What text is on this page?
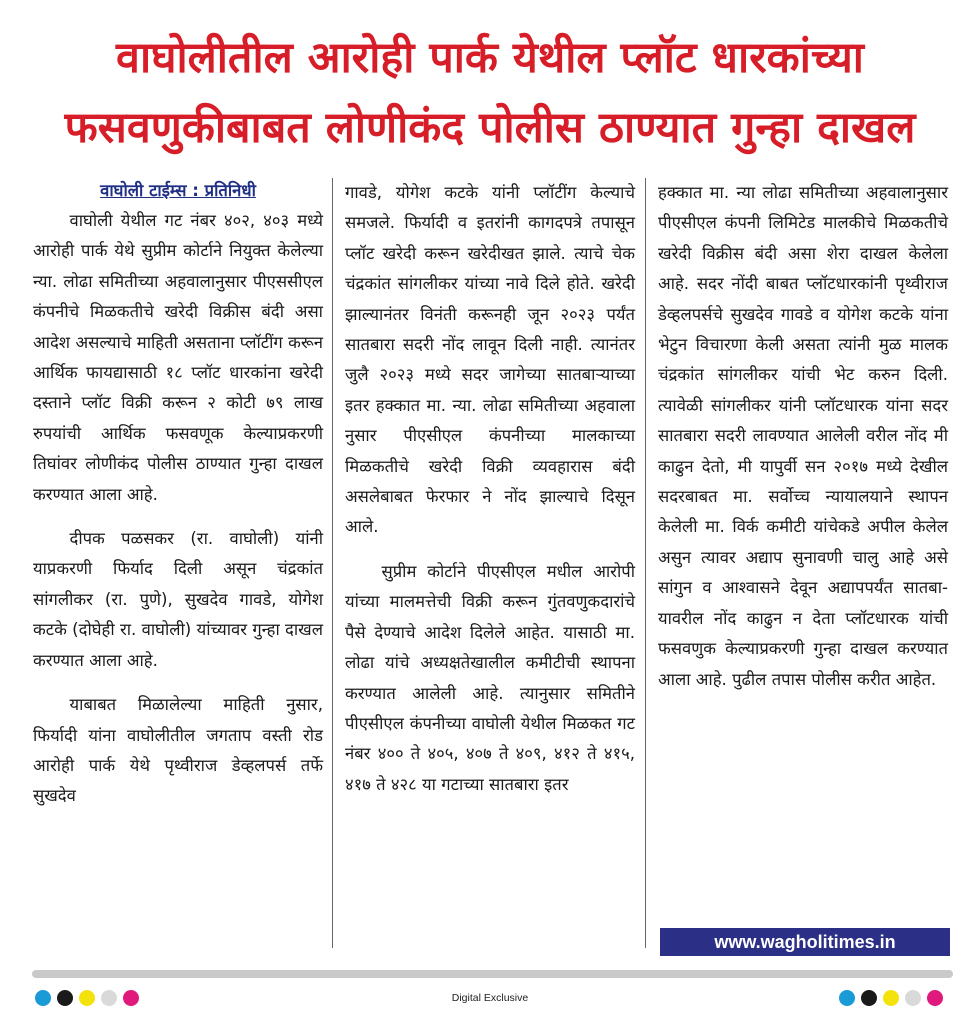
वाघोलीतील आरोही पार्क येथील प्लॉट धारकांच्या
फसवणुकीबाबत लोणीकंद पोलीस ठाण्यात गुन्हा दाखल
वाघोली टाईम्स : प्रतिनिधी

वाघोली येथील गट नंबर ४०२, ४०३ मध्ये आरोही पार्क येथे सुप्रीम कोर्टाने नियुक्त केलेल्या न्या. लोढा समितीच्या अहवालानुसार पीएससीएल कंपनीचे मिळकतीचे खरेदी विक्रीस बंदी असा आदेश असल्याचे माहिती असताना प्लॉटींग करून आर्थिक फायद्यासाठी १८ प्लॉट धारकांना खरेदी दस्ताने प्लॉट विक्री करून २ कोटी ७९ लाख रुपयांची आर्थिक फसवणूक केल्याप्रकरणी तिघांवर लोणीकंद पोलीस ठाण्यात गुन्हा दाखल करण्यात आला आहे.

दीपक पळसकर (रा. वाघोली) यांनी याप्रकरणी फिर्याद दिली असून चंद्रकांत सांगलीकर (रा. पुणे), सुखदेव गावडे, योगेश कटके (दोघेही रा. वाघोली) यांच्यावर गुन्हा दाखल करण्यात आला आहे.

याबाबत मिळालेल्या माहिती नुसार, फिर्यादी यांना वाघोलीतील जगताप वस्ती रोड आरोही पार्क येथे पृथ्वीराज डेव्हलपर्स तर्फे सुखदेव

गावडे, योगेश कटके यांनी प्लॉटींग केल्याचे समजले. फिर्यादी व इतरांनी कागदपत्रे तपासून प्लॉट खरेदी करून खरेदीखत झाले. त्याचे चेक चंद्रकांत सांगलीकर यांच्या नावे दिले होते. खरेदी झाल्यानंतर विनंती करूनही जून २०२३ पर्यंत सातबारा सदरी नोंद लावून दिली नाही. त्यानंतर जुलै २०२३ मध्ये सदर जागेच्या सातबाऱ्याच्या इतर हक्कात मा. न्या. लोढा समितीच्या अहवाला नुसार पीएसीएल कंपनीच्या मालकाच्या मिळकतीचे खरेदी विक्री व्यवहारास बंदी असलेबाबत फेरफार ने नोंद झाल्याचे दिसून आले.

सुप्रीम कोर्टाने पीएसीएल मधील आरोपी यांच्या मालमत्तेची विक्री करून गुंतवणुकदारांचे पैसे देण्याचे आदेश दिलेले आहेत. यासाठी मा. लोढा यांचे अध्यक्षतेखालील कमीटीची स्थापना करण्यात आलेली आहे. त्यानुसार समितीने पीएसीएल कंपनीच्या वाघोली येथील मिळकत गट नंबर ४०० ते ४०५, ४०७ ते ४०९, ४१२ ते ४१५, ४१७ ते ४२८ या गटाच्या सातबारा इतर

हक्कात मा. न्या लोढा समितीच्या अहवालानुसार पीएसीएल कंपनी लिमिटेड मालकीचे मिळकतीचे खरेदी विक्रीस बंदी असा शेरा दाखल केलेला आहे. सदर नोंदी बाबत प्लॉटधारकांनी पृथ्वीराज डेव्हलपर्सचे सुखदेव गावडे व योगेश कटके यांना भेटुन विचारणा केली असता त्यांनी मुळ मालक चंद्रकांत सांगलीकर यांची भेट करुन दिली. त्यावेळी सांगलीकर यांनी प्लॉटधारक यांना सदर सातबारा सदरी लावण्यात आलेली वरील नोंद मी काढुन देतो, मी यापुर्वी सन २०१७ मध्ये देखील सदरबाबत मा. सर्वोच्च न्यायालयाने स्थापन केलेली मा. विर्क कमीटी यांचेकडे अपील केलेल असुन त्यावर अद्याप सुनावणी चालु आहे असे सांगुन व आश्वासने देवून अद्यापपर्यंत सातबा-यावरील नोंद काढुन न देता प्लॉटधारक यांची फसवणुक केल्याप्रकरणी गुन्हा दाखल करण्यात आला आहे. पुढील तपास पोलीस करीत आहेत.

www.wagholitimes.in
Digital Exclusive
